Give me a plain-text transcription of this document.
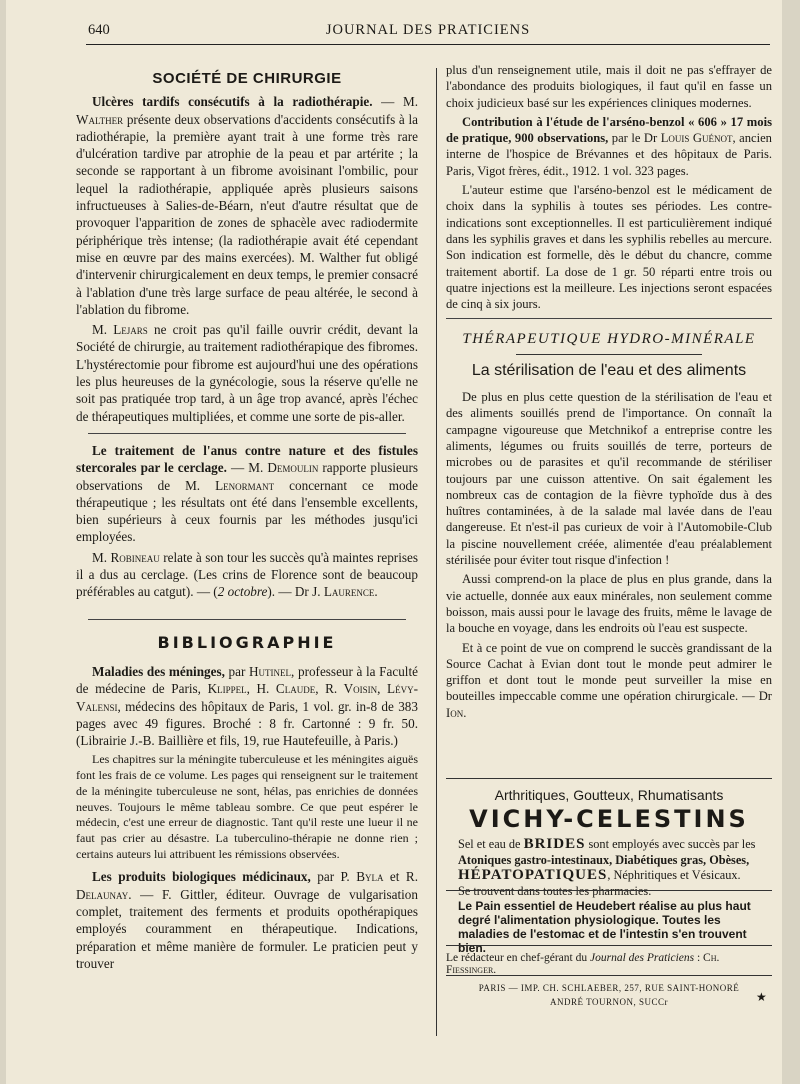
640	JOURNAL DES PRATICIENS
SOCIÉTÉ DE CHIRURGIE

Ulcères tardifs consécutifs à la radiothérapie. — M. Walther présente deux observations d'accidents consécutifs à la radiothérapie, la première ayant trait à une forme très rare d'ulcération tardive par atrophie de la peau et par artérite ; la seconde se rapportant à un fibrome avoisinant l'ombilic, pour lequel la radiothérapie, appliquée après plusieurs saisons infructueuses à Salies-de-Béarn, n'eut d'autre résultat que de provoquer l'apparition de zones de sphacèle avec radiodermite périphérique très intense; (la radiothérapie avait été cependant mise en œuvre par des mains exercées). M. Walther fut obligé d'intervenir chirurgicalement en deux temps, le premier consacré à l'ablation d'une très large surface de peau altérée, le second à l'ablation du fibrome.

M. Lejars ne croit pas qu'il faille ouvrir crédit, devant la Société de chirurgie, au traitement radiothérapique des fibromes. L'hystérectomie pour fibrome est aujourd'hui une des opérations les plus heureuses de la gynécologie, sous la réserve qu'elle ne soit pas pratiquée trop tard, à un âge trop avancé, après l'échec de thérapeutiques multipliées, et comme une sorte de pis-aller.

Le traitement de l'anus contre nature et des fistules stercorales par le cerclage. — M. Demoulin rapporte plusieurs observations de M. Lenormant concernant ce mode thérapeutique ; les résultats ont été dans l'ensemble excellents, bien supérieurs à ceux fournis par les méthodes jusqu'ici employées.

M. Robineau relate à son tour les succès qu'à maintes reprises il a dus au cerclage. (Les crins de Florence sont de beaucoup préférables au catgut). — (2 octobre). — Dr J. Laurence.

BIBLIOGRAPHIE

Maladies des méninges, par Hutinel, professeur à la Faculté de médecine de Paris, Klippel, H. Claude, R. Voisin, Lévy-Valensi, médecins des hôpitaux de Paris, 1 vol. gr. in-8 de 383 pages avec 49 figures. Broché : 8 fr. Cartonné : 9 fr. 50. (Librairie J.-B. Baillière et fils, 19, rue Hautefeuille, à Paris.)

Les chapitres sur la méningite tuberculeuse et les méningites aiguës font les frais de ce volume. Les pages qui renseignent sur le traitement de la méningite tuberculeuse ne sont, hélas, pas enrichies de données neuves. Toujours le même tableau sombre. Ce que peut espérer le médecin, c'est une erreur de diagnostic. Tant qu'il reste une lueur il ne faut pas crier au désastre. La tuberculino-thérapie ne donne rien ; certains auteurs lui attribuent les rémissions observées.

Les produits biologiques médicinaux, par P. Byla et R. Delaunay. — F. Gittler, éditeur. Ouvrage de vulgarisation complet, traitement des ferments et produits opothérapiques employés couramment en thérapeutique. Indications, préparation et même manière de formuler. Le praticien peut y trouver

plus d'un renseignement utile, mais il doit ne pas s'effrayer de l'abondance des produits biologiques, il faut qu'il en fasse un choix judicieux basé sur les expériences cliniques modernes.

Contribution à l'étude de l'arséno-benzol « 606 » 17 mois de pratique, 900 observations, par le Dr Louis Guénot, ancien interne de l'hospice de Brévannes et des hôpitaux de Paris. Paris, Vigot frères, édit., 1912. 1 vol. 323 pages.

L'auteur estime que l'arséno-benzol est le médicament de choix dans la syphilis à toutes ses périodes. Les contre-indications sont exceptionnelles. Il est particulièrement indiqué dans les syphilis graves et dans les syphilis rebelles au mercure. Son indication est formelle, dès le début du chancre, comme traitement abortif. La dose de 1 gr. 50 réparti entre trois ou quatre injections est la meilleure. Les injections seront espacées de cinq à six jours.

THÉRAPEUTIQUE HYDRO-MINÉRALE
La stérilisation de l'eau et des aliments

De plus en plus cette question de la stérilisation de l'eau et des aliments souillés prend de l'importance. On connaît la campagne vigoureuse que Metchnikof a entreprise contre les aliments, légumes ou fruits souillés de terre, porteurs de microbes ou de parasites et qu'il recommande de stériliser toujours par une cuisson attentive. On sait également les nombreux cas de contagion de la fièvre typhoïde dus à des huîtres contaminées, à de la salade mal lavée dans de l'eau dangereuse. Et n'est-il pas curieux de voir à l'Automobile-Club la piscine nouvellement créée, alimentée d'eau préalablement stérilisée pour éviter tout risque d'infection !

Aussi comprend-on la place de plus en plus grande, dans la vie actuelle, donnée aux eaux minérales, non seulement comme boisson, mais aussi pour le lavage des fruits, même le lavage de la bouche en voyage, dans les endroits où l'eau est suspecte.

Et à ce point de vue on comprend le succès grandissant de la Source Cachat à Evian dont tout le monde peut admirer le griffon et dont tout le monde peut surveiller la mise en bouteilles impeccable comme une opération chirurgicale. — Dr Ion.

Arthritiques, Goutteux, Rhumatisants
VICHY-CELESTINS
Sel et eau de BRIDES sont employés avec succès par les
Atoniques gastro-intestinaux, Diabétiques gras, Obèses,
HÉPATOPATIQUES, Néphritiques et Vésicaux.
Se trouvent dans toutes les pharmacies.
Le Pain essentiel de Heudebert réalise au plus haut degré l'alimentation physiologique. Toutes les maladies de l'estomac et de l'intestin s'en trouvent bien.
Le rédacteur en chef-gérant du Journal des Praticiens : Ch. Fiessinger.
PARIS — IMP. CH. SCHLAEBER, 257, RUE SAINT-HONORÉ
ANDRÉ TOURNON, SUCCr	★
